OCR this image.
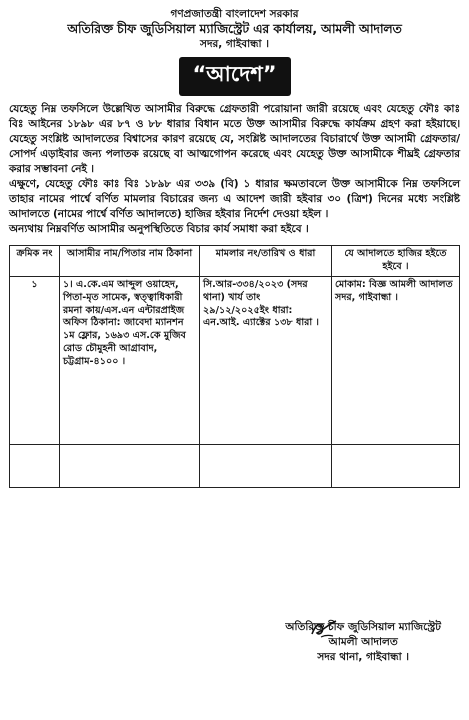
গণপ্রজাতন্ত্রী বাংলাদেশ সরকার
অতিরিক্ত চীফ জুডিসিয়াল ম্যাজিস্ট্রেট এর কার্যালয়, আমলী আদালত
সদর, গাইবান্ধা ।
“আদেশ”

যেহেতু নিম্ন তফসিলে উল্লেখিত আসামীর বিরুদ্ধে গ্রেফতারী পরোয়ানা জারী রয়েছে এবং যেহেতু ফৌঃ কাঃ বিঃ আইনের ১৮৯৮ এর ৮৭ ও ৮৮ ধারার বিধান মতে উক্ত আসামীর বিরুদ্ধে কার্যক্রম গ্রহণ করা হইয়াছে। যেহেতু সংশ্লিষ্ট আদালতের বিশ্বাসের কারণ রয়েছে যে, সংশ্লিষ্ট আদালতের বিচারার্থে উক্ত আসামী গ্রেফতার/সোপর্দ এড়াইবার জন্য পলাতক রয়েছে বা আত্মগোপন করেছে এবং যেহেতু উক্ত আসামীকে শীঘ্রই গ্রেফতার করার সম্ভাবনা নেই ।

এক্ষুণে, যেহেতু ফৌঃ কাঃ বিঃ ১৮৯৮ এর ৩৩৯ (বি) ১ ধারার ক্ষমতাবলে উক্ত আসামীকে নিম্ন তফসিলে তাহার নামের পার্শ্বে বর্ণিত মামলার বিচারের জন্য এ আদেশ জারী হইবার ৩০ (ত্রিশ) দিনের মধ্যে সংশ্লিষ্ট আদালতে (নামের পার্শ্বে বর্ণিত আদালতে) হাজির হইবার নির্দেশ দেওয়া হইল ।

অন্যথায় নিম্নবর্ণিত আসামীর অনুপস্থিতিতে বিচার কার্য সমাধা করা হইবে ।

ক্রমিক নং	আসামীর নাম/পিতার নাম ঠিকানা	মামলার নং/তারিখ ও ধারা	যে আদালতে হাজির হইতে হইবে ।
১	১। এ.কে.এম আব্দুল ওয়াহেদ, পিতা-মৃত সামেক, স্বত্ত্বাধিকারী রমনা কায়/এস.এন এন্টারপ্রাইজ
অফিস ঠিকানা: জাবেদা ম্যানশন ১ম ফ্লোর, ১৬৯৩ এস.কে মুজিব রোড চৌমুহনী আগ্রাবাদ, চট্টগ্রাম-৪১০০ ।	সি.আর-৩৩৪/২০২৩ (সদর থানা) খার্য তাং ২৯/১২/২০২৫ইং ধারা: এন.আই. এ্যাক্টের ১৩৮ ধারা ।	মোকাম: বিজ্ঞ আমলী আদালত সদর, গাইবান্ধা ।

অতিরিক্ত চীফ জুডিসিয়াল ম্যাজিস্ট্রেট
আমলী আদালত
সদর থানা, গাইবান্ধা ।
